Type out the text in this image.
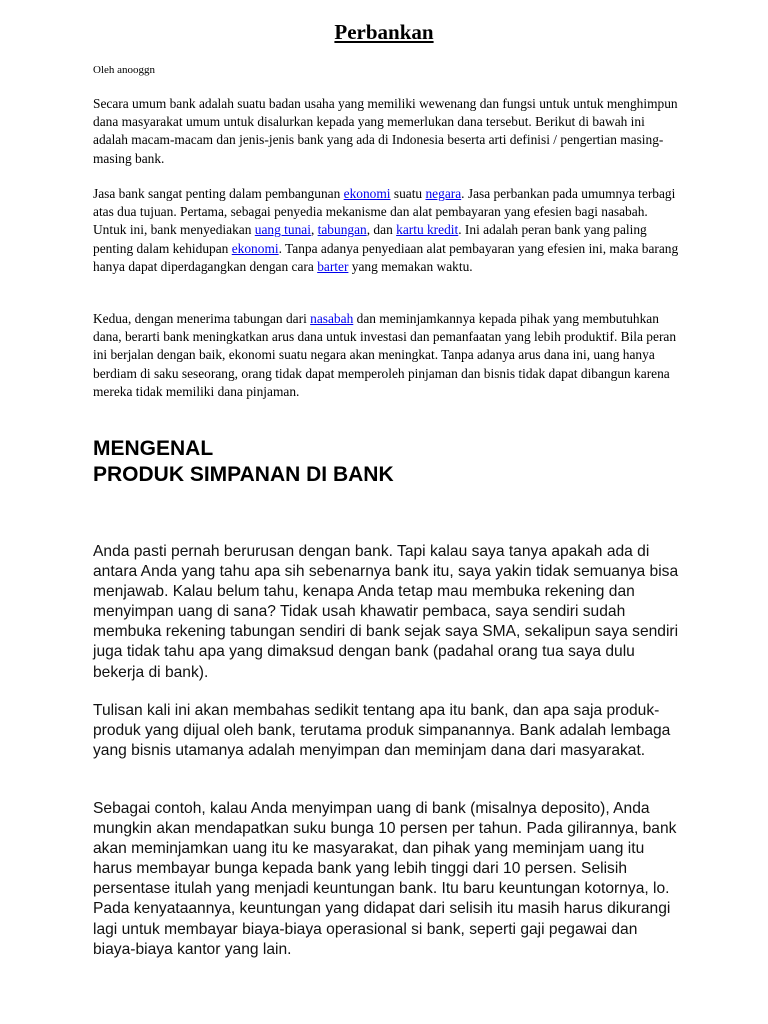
Perbankan

Oleh anooggn

Secara umum bank adalah suatu badan usaha yang memiliki wewenang dan fungsi untuk untuk menghimpun dana masyarakat umum untuk disalurkan kepada yang memerlukan dana tersebut. Berikut di bawah ini adalah macam-macam dan jenis-jenis bank yang ada di Indonesia beserta arti definisi / pengertian masing-masing bank.

Jasa bank sangat penting dalam pembangunan ekonomi suatu negara. Jasa perbankan pada umumnya terbagi atas dua tujuan. Pertama, sebagai penyedia mekanisme dan alat pembayaran yang efesien bagi nasabah. Untuk ini, bank menyediakan uang tunai, tabungan, dan kartu kredit. Ini adalah peran bank yang paling penting dalam kehidupan ekonomi. Tanpa adanya penyediaan alat pembayaran yang efesien ini, maka barang hanya dapat diperdagangkan dengan cara barter yang memakan waktu.

Kedua, dengan menerima tabungan dari nasabah dan meminjamkannya kepada pihak yang membutuhkan dana, berarti bank meningkatkan arus dana untuk investasi dan pemanfaatan yang lebih produktif. Bila peran ini berjalan dengan baik, ekonomi suatu negara akan meningkat. Tanpa adanya arus dana ini, uang hanya berdiam di saku seseorang, orang tidak dapat memperoleh pinjaman dan bisnis tidak dapat dibangun karena mereka tidak memiliki dana pinjaman.

MENGENAL
PRODUK SIMPANAN DI BANK

Anda pasti pernah berurusan dengan bank. Tapi kalau saya tanya apakah ada di antara Anda yang tahu apa sih sebenarnya bank itu, saya yakin tidak semuanya bisa menjawab. Kalau belum tahu, kenapa Anda tetap mau membuka rekening dan menyimpan uang di sana? Tidak usah khawatir pembaca, saya sendiri sudah membuka rekening tabungan sendiri di bank sejak saya SMA, sekalipun saya sendiri juga tidak tahu apa yang dimaksud dengan bank (padahal orang tua saya dulu bekerja di bank).

Tulisan kali ini akan membahas sedikit tentang apa itu bank, dan apa saja produk-produk yang dijual oleh bank, terutama produk simpanannya. Bank adalah lembaga yang bisnis utamanya adalah menyimpan dan meminjam dana dari masyarakat.

Sebagai contoh, kalau Anda menyimpan uang di bank (misalnya deposito), Anda mungkin akan mendapatkan suku bunga 10 persen per tahun. Pada gilirannya, bank akan meminjamkan uang itu ke masyarakat, dan pihak yang meminjam uang itu harus membayar bunga kepada bank yang lebih tinggi dari 10 persen. Selisih persentase itulah yang menjadi keuntungan bank. Itu baru keuntungan kotornya, lo. Pada kenyataannya, keuntungan yang didapat dari selisih itu masih harus dikurangi lagi untuk membayar biaya-biaya operasional si bank, seperti gaji pegawai dan biaya-biaya kantor yang lain.
